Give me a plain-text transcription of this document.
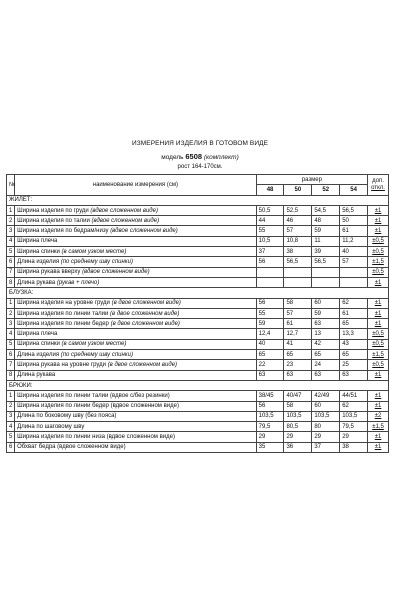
ИЗМЕРЕНИЯ ИЗДЕЛИЯ В ГОТОВОМ ВИДЕ
модель 6508 (комплект)
рост 164-170см.
№	наименование измерения (см)	размер				доп.
откл.
		48	50	52	54	
ЖИЛЕТ:						
1	Ширина изделия по груди (вдвое сложенном виде)	50,5	52,5	54,5	56,5	±1
2	Ширина изделия по талии (вдвое сложенном виде)	44	46	48	50	±1
3	Ширина изделия по бедрам/низу (вдвое сложенном виде)	55	57	59	61	±1
4	Ширина плеча	10,5	10,8	11	11,2	±0,5
5	Ширина спинки (в самом узком месте)	37	38	39	40	±0,5
6	Длина изделия (по среднему шву спинки)	56	56,5	56,5	57	±1,5
7	Ширина рукава вверху (вдвое сложенном виде)					±0,5
8	Длина рукава (рукав + плечо)					±1
БЛУЗКА:						
1	Ширина изделия на уровне груди (в двое сложенном виде)	56	58	60	62	±1
2	Ширина изделия по линии талии (в двое сложенном виде)	55	57	59	61	±1
3	Ширина изделия по линии бедер (в двое сложенном виде)	59	61	63	65	±1
4	Ширина плеча	12,4	12,7	13	13,3	±0,5
5	Ширина спинки (в самом узком месте)	40	41	42	43	±0,5
6	Длина изделия (по среднему шву спинки)	65	65	65	65	±1,5
7	Ширина рукава на уровне груди (в двое сложенном виде)	22	23	24	25	±0,5
8	Длина рукава	63	63	63	63	±1
БРЮКИ:						
1	Ширина изделия по линии талии (вдвое с/без резинки)	38/45	40/47	42/49	44/51	±1
2	Ширина изделия по линии бедер (вдвое сложенном виде)	56	58	60	62	±1
3	Длина по боковому шву (без пояса)	103,5	103,5	103,5	103,5	±2
4	Длина по шаговому шву	79,5	80,5	80	79,5	±1,5
5	Ширина изделия по линии низа (вдвое сложенном виде)	29	29	29	29	±1
6	Обхват бедра (вдвое сложенном виде)	35	36	37	38	±1
